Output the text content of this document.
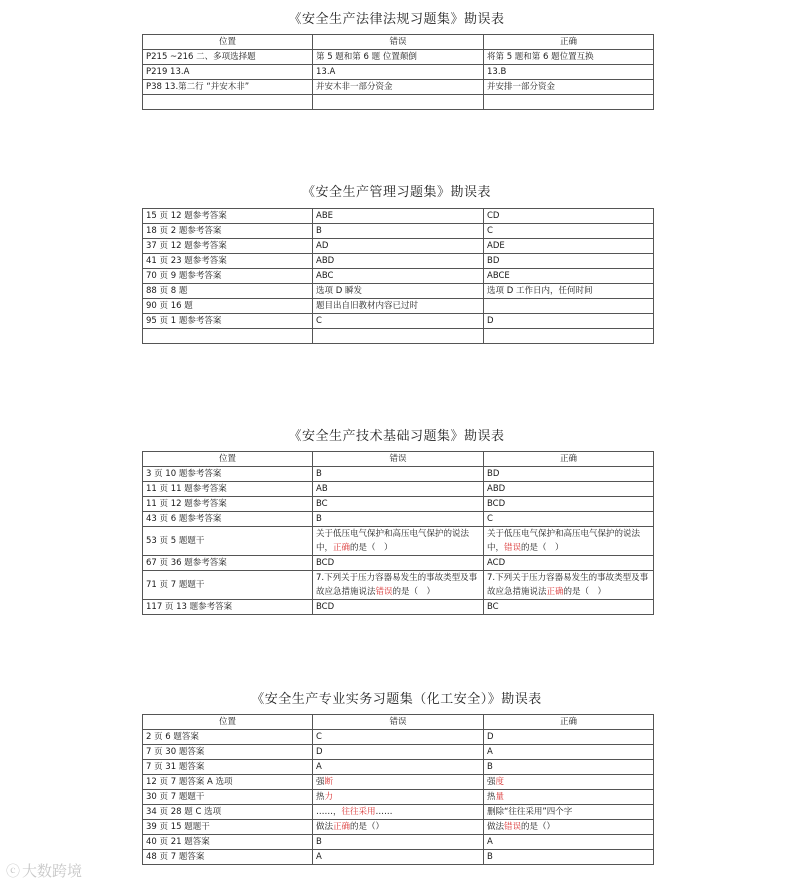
《安全生产法律法规习题集》勘误表
位置	错误	正确
P215 ~216 二、多项选择题	第 5 题和第 6 题 位置颠倒	将第 5 题和第 6 题位置互换
P219 13.A	13.A	13.B
P38 13.第二行 “并安木非”	并安木非一部分资金	并安排一部分资金

《安全生产管理习题集》勘误表
15 页 12 题参考答案	ABE	CD
18 页 2 题参考答案	B	C
37 页 12 题参考答案	AD	ADE
41 页 23 题参考答案	ABD	BD
70 页 9 题参考答案	ABC	ABCE
88 页 8 题	选项 D 瞬发	选项 D 工作日内，任何时间
90 页 16 题	题目出自旧教材内容已过时	
95 页 1 题参考答案	C	D

《安全生产技术基础习题集》勘误表
位置	错误	正确
3 页 10 题参考答案	B	BD
11 页 11 题参考答案	AB	ABD
11 页 12 题参考答案	BC	BCD
43 页 6 题参考答案	B	C
53 页 5 题题干	关于低压电气保护和高压电气保护的说法中，正确的是（　）	关于低压电气保护和高压电气保护的说法中，错误的是（　）
67 页 36 题参考答案	BCD	ACD
71 页 7 题题干	7.下列关于压力容器易发生的事故类型及事故应急措施说法错误的是（　）	7.下列关于压力容器易发生的事故类型及事故应急措施说法正确的是（　）
117 页 13 题参考答案	BCD	BC
《安全生产专业实务习题集（化工安全）》勘误表
位置	错误	正确
2 页 6 题答案	C	D
7 页 30 题答案	D	A
7 页 31 题答案	A	B
12 页 7 题答案 A 选项	强断	强度
30 页 7 题题干	热力	热量
34 页 28 题 C 选项	……，往往采用……	删除“往往采用”四个字
39 页 15 题题干	做法正确的是（）	做法错误的是（）
40 页 21 题答案	B	A
48 页 7 题答案	A	B
ⓒ 大数跨境
